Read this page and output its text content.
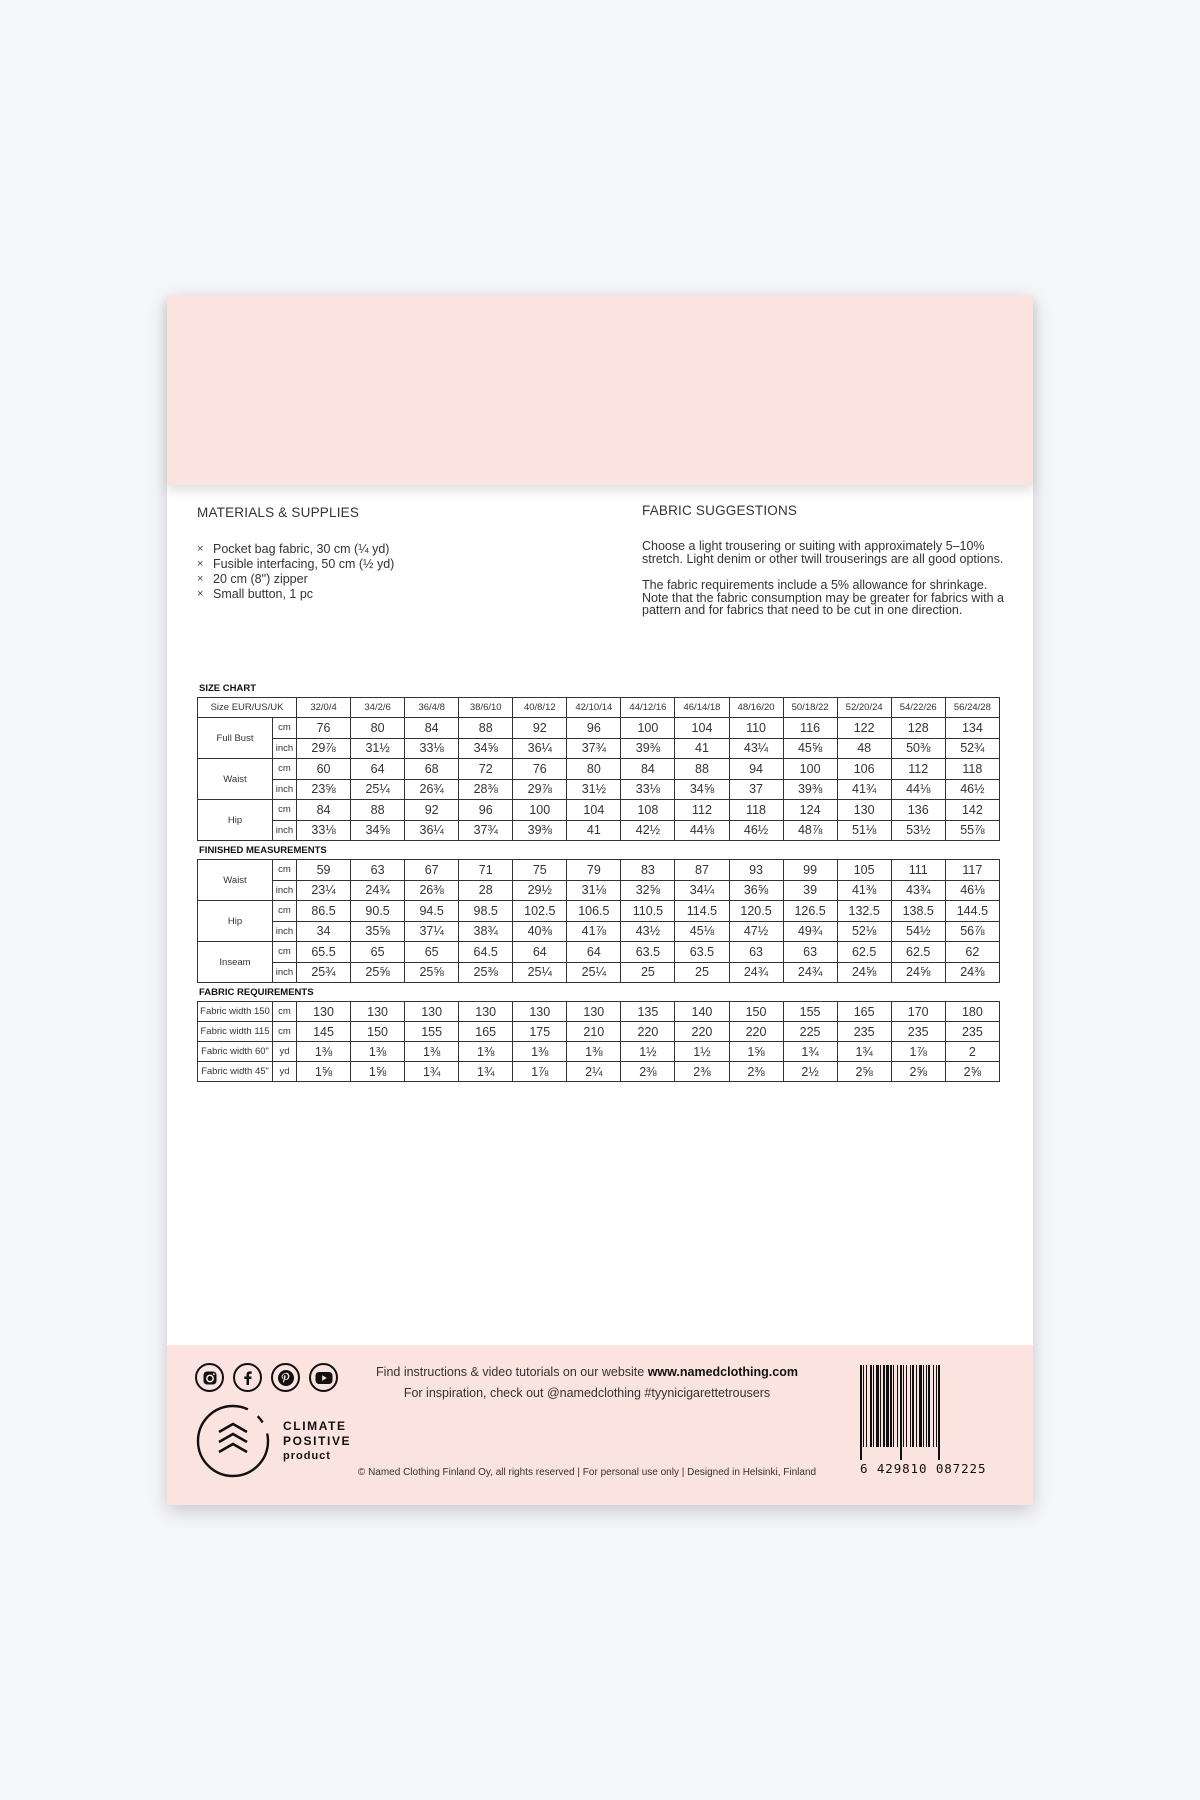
MATERIALS & SUPPLIES
× Pocket bag fabric, 30 cm (¼ yd)
× Fusible interfacing, 50 cm (½ yd)
× 20 cm (8") zipper
× Small button, 1 pc
FABRIC SUGGESTIONS

Choose a light trousering or suiting with approximately 5–10% stretch. Light denim or other twill trouserings are all good options.

The fabric requirements include a 5% allowance for shrinkage. Note that the fabric consumption may be greater for fabrics with a pattern and for fabrics that need to be cut in one direction.

SIZE CHART
Size EUR/US/UK		32/0/4	34/2/6	36/4/8	38/6/10	40/8/12	42/10/14	44/12/16	46/14/18	48/16/20	50/18/22	52/20/24	54/22/26	56/24/28
Full Bust	cm	76	80	84	88	92	96	100	104	110	116	122	128	134
	inch	29⅞	31½	33⅛	34⅝	36¼	37¾	39⅜	41	43¼	45⅝	48	50⅜	52¾
Waist	cm	60	64	68	72	76	80	84	88	94	100	106	112	118
	inch	23⅝	25¼	26¾	28⅜	29⅞	31½	33⅛	34⅝	37	39⅜	41¾	44⅛	46½
Hip	cm	84	88	92	96	100	104	108	112	118	124	130	136	142
	inch	33⅛	34⅝	36¼	37¾	39⅜	41	42½	44⅛	46½	48⅞	51⅛	53½	55⅞
FINISHED MEASUREMENTS
Waist	cm	59	63	67	71	75	79	83	87	93	99	105	111	117
	inch	23¼	24¾	26⅜	28	29½	31⅛	32⅝	34¼	36⅝	39	41⅜	43¾	46⅛
Hip	cm	86.5	90.5	94.5	98.5	102.5	106.5	110.5	114.5	120.5	126.5	132.5	138.5	144.5
	inch	34	35⅝	37¼	38¾	40⅜	41⅞	43½	45⅛	47½	49¾	52⅛	54½	56⅞
Inseam	cm	65.5	65	65	64.5	64	64	63.5	63.5	63	63	62.5	62.5	62
	inch	25¾	25⅝	25⅝	25⅜	25¼	25¼	25	25	24¾	24¾	24⅝	24⅝	24⅜
FABRIC REQUIREMENTS
Fabric width 150	cm	130	130	130	130	130	130	135	140	150	155	165	170	180
Fabric width 115	cm	145	150	155	165	175	210	220	220	220	225	235	235	235
Fabric width 60"	yd	1⅜	1⅜	1⅜	1⅜	1⅜	1⅜	1½	1½	1⅝	1¾	1¾	1⅞	2
Fabric width 45"	yd	1⅝	1⅝	1¾	1¾	1⅞	2¼	2⅜	2⅜	2⅜	2½	2⅝	2⅝	2⅝
CLIMATE
POSITIVE
product
Find instructions & video tutorials on our website www.namedclothing.com
For inspiration, check out @namedclothing #tyynicigarettetrousers
© Named Clothing Finland Oy, all rights reserved | For personal use only | Designed in Helsinki, Finland	6 429810 087225
